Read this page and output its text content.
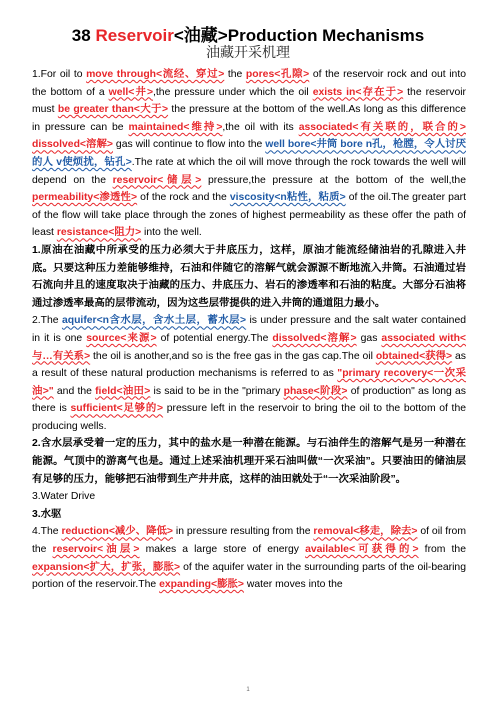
38 Reservoir<油藏>Production Mechanisms
油藏开采机理

1.For oil to move through<流经、穿过> the pores<孔隙> of the reservoir rock and out into the bottom of a well<井>,the pressure under which the oil exists in<存在于> the reservoir must be greater than<大于> the pressure at the bottom of the well.As long as this difference in pressure can be maintained<维持>,the oil with its associated<有关联的，联合的> dissolved<溶解> gas will continue to flow into the well bore<井筒 bore n孔，枪膛，令人讨厌的人 v使烦扰，钻孔>.The rate at which the oil will move through the rock towards the well will depend on the reservoir<储层> pressure,the pressure at the bottom of the well,the permeability<渗透性> of the rock and the viscosity<n粘性，粘质> of the oil.The greater part of the flow will take place through the zones of highest permeability as these offer the path of least resistance<阻力> into the well.

1.原油在油藏中所承受的压力必须大于井底压力，这样，原油才能流经储油岩的孔隙进入井底。只要这种压力差能够维持，石油和伴随它的溶解气就会源源不断地流入井筒。石油通过岩石流向井且的速度取决于油藏的压力、井底压力、岩石的渗透率和石油的粘度。大部分石油将通过渗透率最高的层带流动，因为这些层带提供的进入井筒的通道阻力最小。

2.The aquifer<n含水层，含水土层，蓄水层> is under pressure and the salt water contained in it is one source<来源> of potential energy.The dissolved<溶解> gas associated with<与…有关系> the oil is another,and so is the free gas in the gas cap.The oil obtained<获得> as a result of these natural production mechanisms is referred to as "primary recovery<一次采油>" and the field<油田> is said to be in the "primary phase<阶段> of production" as long as there is sufficient<足够的> pressure left in the reservoir to bring the oil to the bottom of the producing wells.

2.含水层承受着一定的压力，其中的盐水是一种潜在能源。与石油伴生的溶解气是另一种潜在能源。气顶中的游离气也是。通过上述采油机理开采石油叫做“一次采油”。只要油田的储油层有足够的压力，能够把石油带到生产井井底，这样的油田就处于“一次采油阶段”。

3.Water Drive

3.水驱

4.The reduction<减少、降低> in pressure resulting from the removal<移走，除去> of oil from the reservoir<油层> makes a large store of energy available<可获得的> from the expansion<扩大，扩张，膨胀> of the aquifer water in the surrounding parts of the oil-bearing portion of the reservoir.The expanding<膨胀> water moves into the

1
